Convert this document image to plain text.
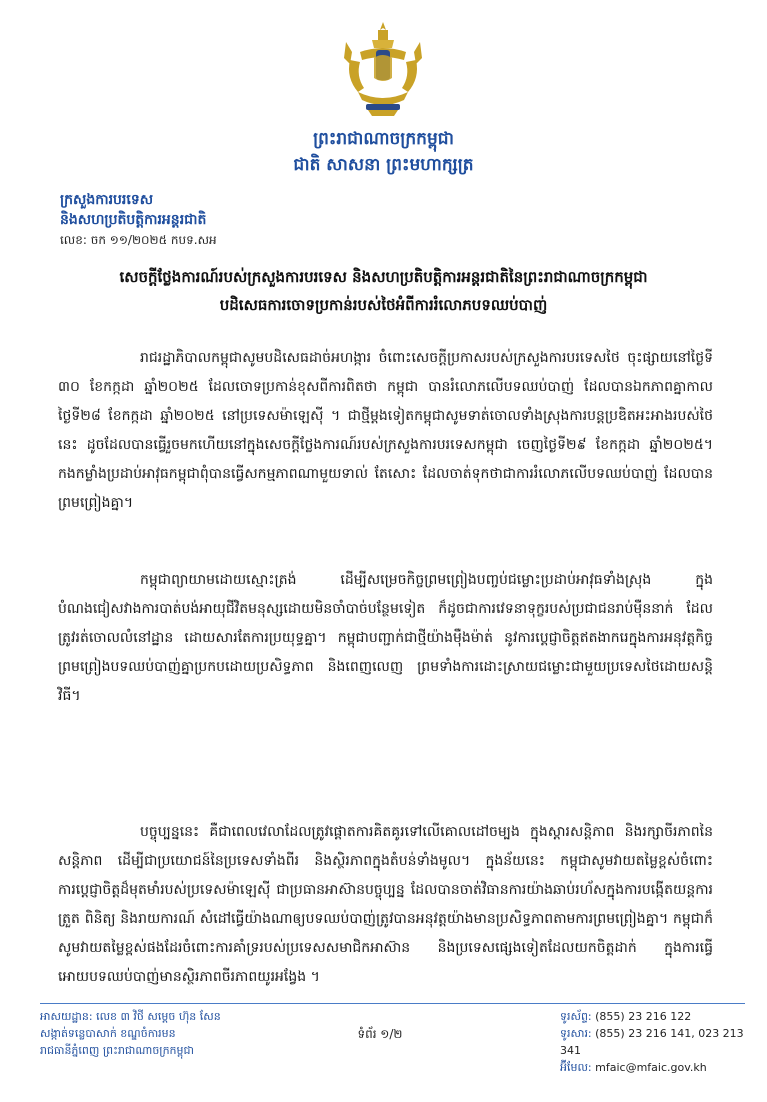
ព្រះរាជាណាចក្រកម្ពុជា
ជាតិ សាសនា ព្រះមហាក្សត្រ
ក្រសួងការបរទេស
និងសហប្រតិបត្តិការអន្តរជាតិ
លេខ: ចក ១១/២០២៥ កបទ.សអ
សេចក្តីថ្លែងការណ៍របស់ក្រសួងការបរទេស និងសហប្រតិបត្តិការអន្តរជាតិនៃព្រះរាជាណាចក្រកម្ពុជា
បដិសេធការចោទប្រកាន់របស់ថៃអំពីការរំលោភបទឈប់បាញ់
រាជរដ្ឋាភិបាលកម្ពុជាសូមបដិសេធដាច់អហង្ការ ចំពោះសេចក្តីប្រកាសរបស់ក្រសួងការបរទេសថៃ ចុះផ្សាយនៅថ្ងៃទី ៣០ ខែកក្កដា ឆ្នាំ២០២៥ ដែលចោទប្រកាន់ខុសពីការពិតថា កម្ពុជា បានរំលោភលើបទឈប់បាញ់ ដែលបានឯកភាពគ្នាកាលថ្ងៃទី២៨ ខែកក្កដា ឆ្នាំ២០២៥ នៅប្រទេសម៉ាឡេស៊ី ។ ជាថ្មីម្តងទៀតកម្ពុជាសូមទាត់ចោលទាំងស្រុងការបន្តប្រឌិតអះអាងរបស់ថៃនេះ ដូចដែលបានធ្វើរួចមកហើយនៅក្នុងសេចក្តីថ្លែងការណ៍របស់ក្រសួងការបរទេសកម្ពុជា ចេញថ្ងៃទី២៩ ខែកក្កដា ឆ្នាំ២០២៥។ កងកម្លាំងប្រដាប់អាវុធកម្ពុជាពុំបានធ្វើសកម្មភាពណាមួយទាល់ តែសោះ ដែលចាត់ទុកថាជាការរំលោភលើបទឈប់បាញ់ ដែលបានព្រមព្រៀងគ្នា។
កម្ពុជាព្យាយាមដោយស្មោះត្រង់ ដើម្បីសម្រេចកិច្ចព្រមព្រៀងបញ្ចប់ជម្លោះប្រដាប់អាវុធទាំងស្រុង ក្នុងបំណងជៀសវាងការបាត់បង់អាយុជីវិតមនុស្សដោយមិនចាំបាច់បន្ថែមទៀត ក៏ដូចជាការវេទនាទុក្ខរបស់ប្រជាជនរាប់ម៉ឺននាក់ ដែលត្រូវរត់ចោលលំនៅដ្ឋាន ដោយសារតែការប្រយុទ្ធគ្នា។ កម្ពុជាបញ្ជាក់ជាថ្មីយ៉ាងម៉ឺងម៉ាត់ នូវការប្តេជ្ញាចិត្តឥតងាករេក្នុងការអនុវត្តកិច្ចព្រមព្រៀងបទឈប់បាញ់គ្នាប្រកបដោយប្រសិទ្ធភាព និងពេញលេញ ព្រមទាំងការដោះស្រាយជម្លោះជាមួយប្រទេសថៃដោយសន្តិវិធី។
បច្ចុប្បន្ននេះ គឺជាពេលវេលាដែលត្រូវផ្តោតការគិតគូរទៅលើគោលដៅចម្បង ក្នុងស្តារសន្តិភាព និងរក្សាចីរភាពនៃសន្តិភាព ដើម្បីជាប្រយោជន៍នៃប្រទេសទាំងពីរ និងស្ថិរភាពក្នុងតំបន់ទាំងមូល។ ក្នុងន័យនេះ កម្ពុជាសូមវាយតម្លៃខ្ពស់ចំពោះការប្តេជ្ញាចិត្តដ៏មុតមាំរបស់ប្រទេសម៉ាឡេស៊ី ជាប្រធានអាស៊ានបច្ចុប្បន្ន ដែលបានចាត់វិធានការយ៉ាងឆាប់រហ័សក្នុងការបង្កើតយន្តការត្រួត ពិនិត្យ និងរាយការណ៍ សំដៅធ្វើយ៉ាងណាឲ្យបទឈប់បាញ់ត្រូវបានអនុវត្តយ៉ាងមានប្រសិទ្ធភាពតាមការព្រមព្រៀងគ្នា។ កម្ពុជាក៏សូមវាយតម្លៃខ្ពស់ផងដែរចំពោះការគាំទ្ររបស់ប្រទេសសមាជិកអាស៊ាន និងប្រទេសផ្សេងទៀតដែលយកចិត្តដាក់ ក្នុងការធ្វើអោយបទឈប់បាញ់មានស្ថិរភាពចីរភាពយូរអង្វែង ។
អាសយដ្ឋាន: លេខ ៣ វិថី សម្តេច ហ៊ុន សែន
សង្កាត់ទន្លេបាសាក់ ខណ្ឌចំការមន
រាជធានីភ្នំពេញ ព្រះរាជាណាចក្រកម្ពុជា
ទំព័រ ១/២
ទូរស័ព្ទ: (855) 23 216 122
ទូរសារ: (855) 23 216 141, 023 213 341
អ៊ីមែល: mfaic@mfaic.gov.kh
